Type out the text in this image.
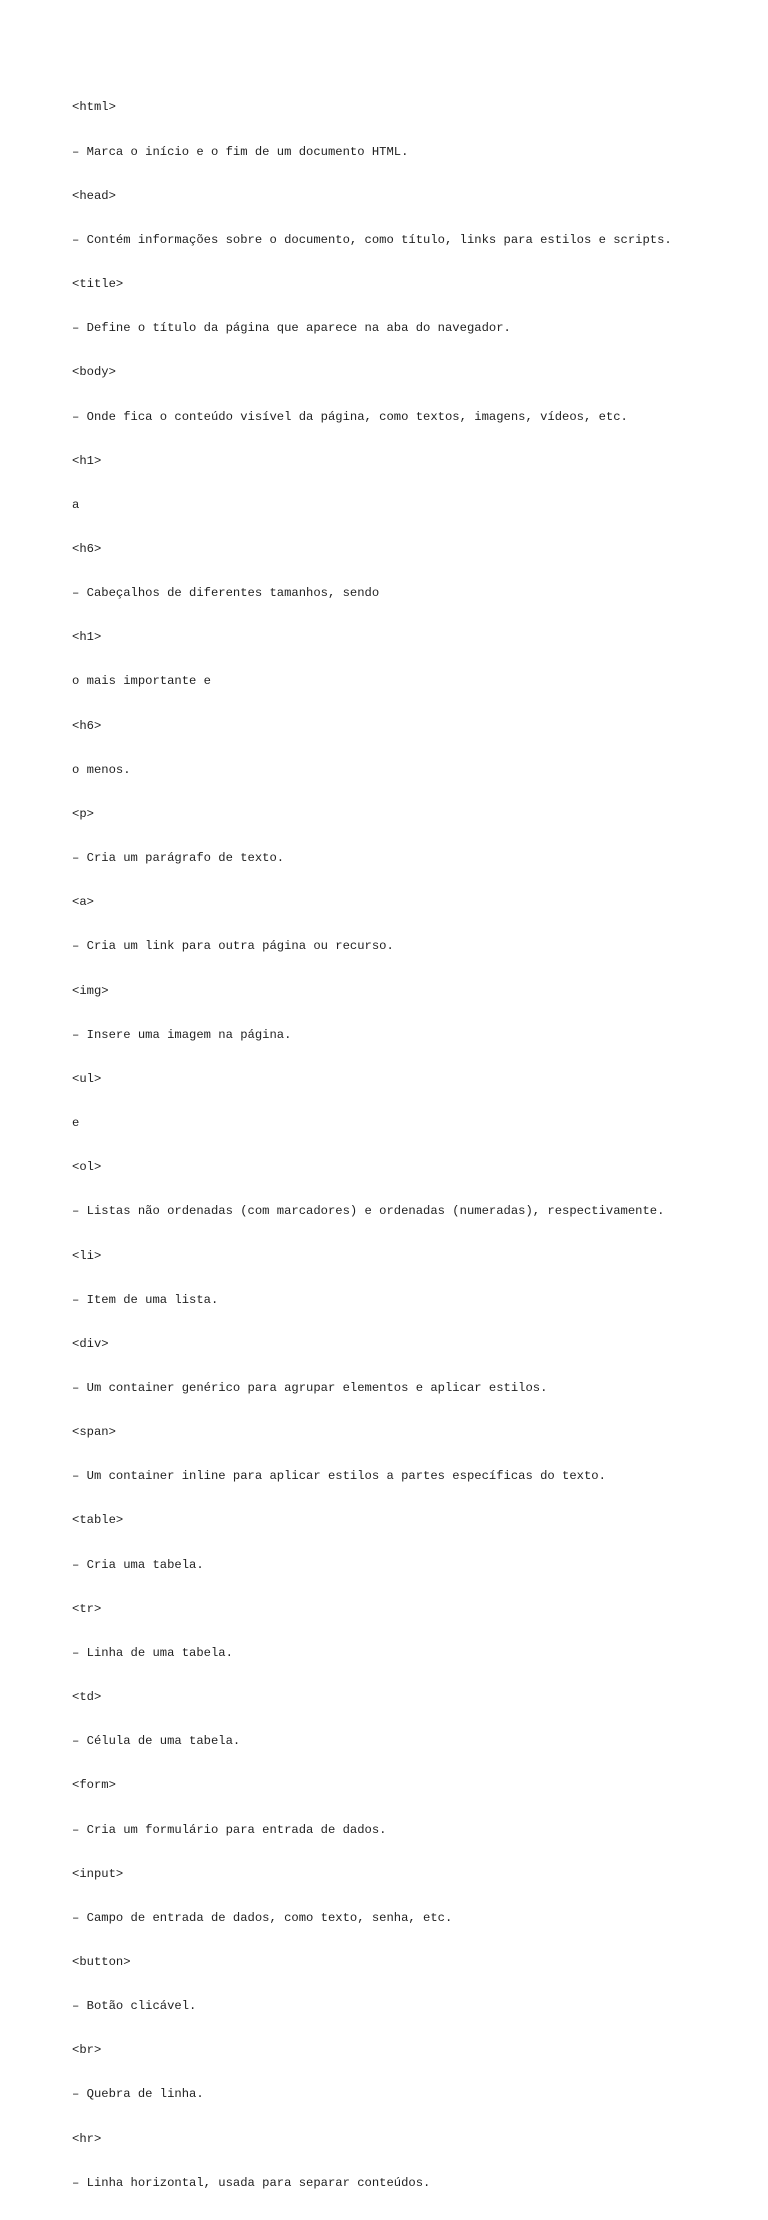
<html>

– Marca o início e o fim de um documento HTML.

<head>

– Contém informações sobre o documento, como título, links para estilos e scripts.

<title>

– Define o título da página que aparece na aba do navegador.

<body>

– Onde fica o conteúdo visível da página, como textos, imagens, vídeos, etc.

<h1>

a

<h6>

– Cabeçalhos de diferentes tamanhos, sendo

<h1>

o mais importante e

<h6>

o menos.

<p>

– Cria um parágrafo de texto.

<a>

– Cria um link para outra página ou recurso.

<img>

– Insere uma imagem na página.

<ul>

e

<ol>

– Listas não ordenadas (com marcadores) e ordenadas (numeradas), respectivamente.

<li>

– Item de uma lista.

<div>

– Um container genérico para agrupar elementos e aplicar estilos.

<span>

– Um container inline para aplicar estilos a partes específicas do texto.

<table>

– Cria uma tabela.

<tr>

– Linha de uma tabela.

<td>

– Célula de uma tabela.

<form>

– Cria um formulário para entrada de dados.

<input>

– Campo de entrada de dados, como texto, senha, etc.

<button>

– Botão clicável.

<br>

– Quebra de linha.

<hr>

– Linha horizontal, usada para separar conteúdos.
